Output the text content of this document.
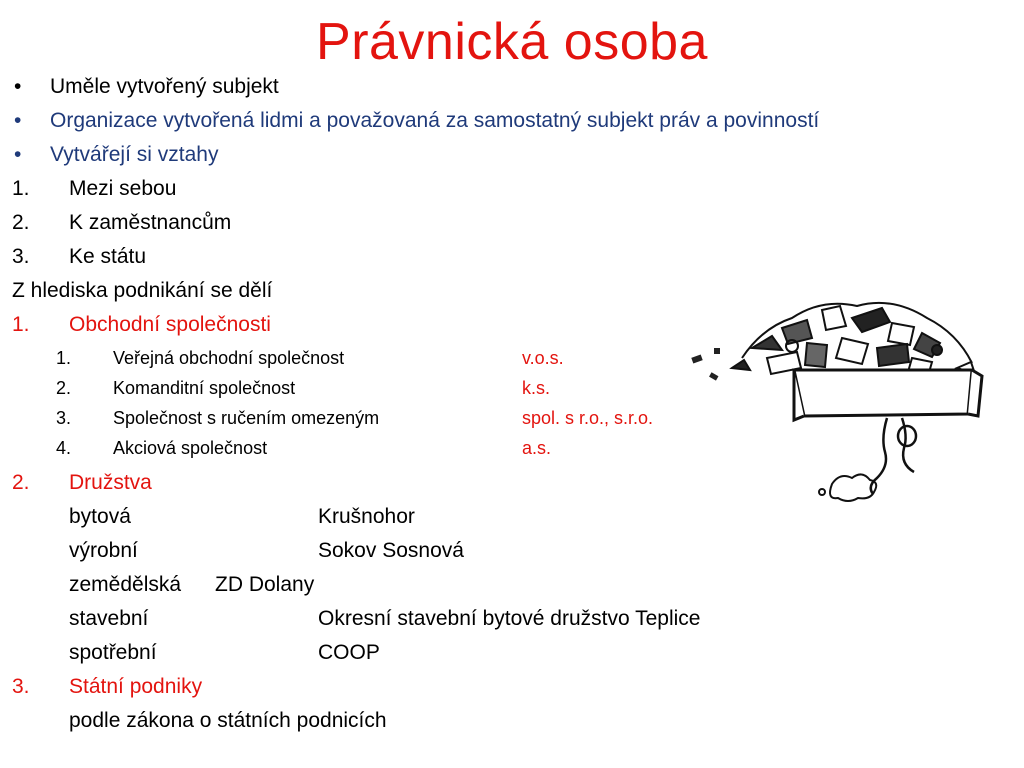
Právnická osoba
• Uměle vytvořený subjekt
• Organizace vytvořená lidmi a považovaná za samostatný subjekt práv a povinností
• Vytvářejí si vztahy
1. Mezi sebou
2. K zaměstnancům
3. Ke státu
Z hlediska podnikání se dělí
1. Obchodní společnosti
1. Veřejná obchodní společnost	v.o.s.
2. Komanditní společnost	k.s.
3. Společnost s ručením omezeným	spol. s r.o., s.r.o.
4. Akciová společnost	a.s.
2. Družstva
bytová	Krušnohor
výrobní	Sokov Sosnová
zemědělská ZD Dolany
stavební	Okresní stavební bytové družstvo Teplice
spotřební	COOP
3. Státní podniky
podle zákona o státních podnicích
